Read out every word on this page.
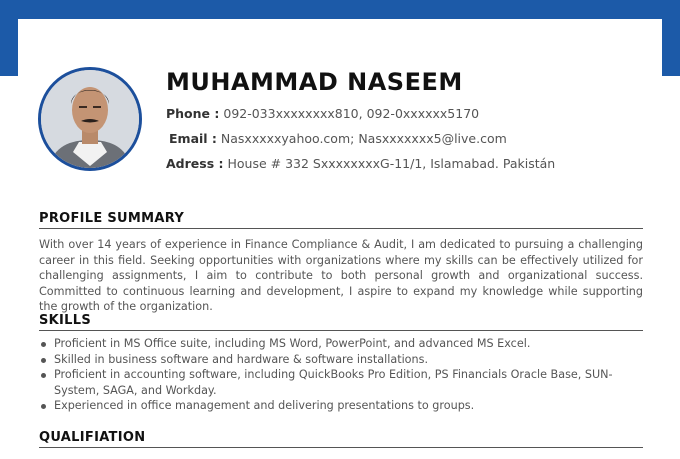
MUHAMMAD NASEEM
Phone : 092-033xxxxxxxx810, 092-0xxxxxx5170
Email : Nasxxxxxyahoo.com; Nasxxxxxxx5@live.com
Adress : House # 332 SxxxxxxxxG-11/1, Islamabad. Pakistán
PROFILE SUMMARY

With over 14 years of experience in Finance Compliance & Audit, I am dedicated to pursuing a challenging career in this field. Seeking opportunities with organizations where my skills can be effectively utilized for challenging assignments, I aim to contribute to both personal growth and organizational success. Committed to continuous learning and development, I aspire to expand my knowledge while supporting the growth of the organization.

SKILLS
Proficient in MS Office suite, including MS Word, PowerPoint, and advanced MS Excel.
Skilled in business software and hardware & software installations.
Proficient in accounting software, including QuickBooks Pro Edition, PS Financials Oracle Base, SUN-System, SAGA, and Workday.
Experienced in office management and delivering presentations to groups.
QUALIFIATION
